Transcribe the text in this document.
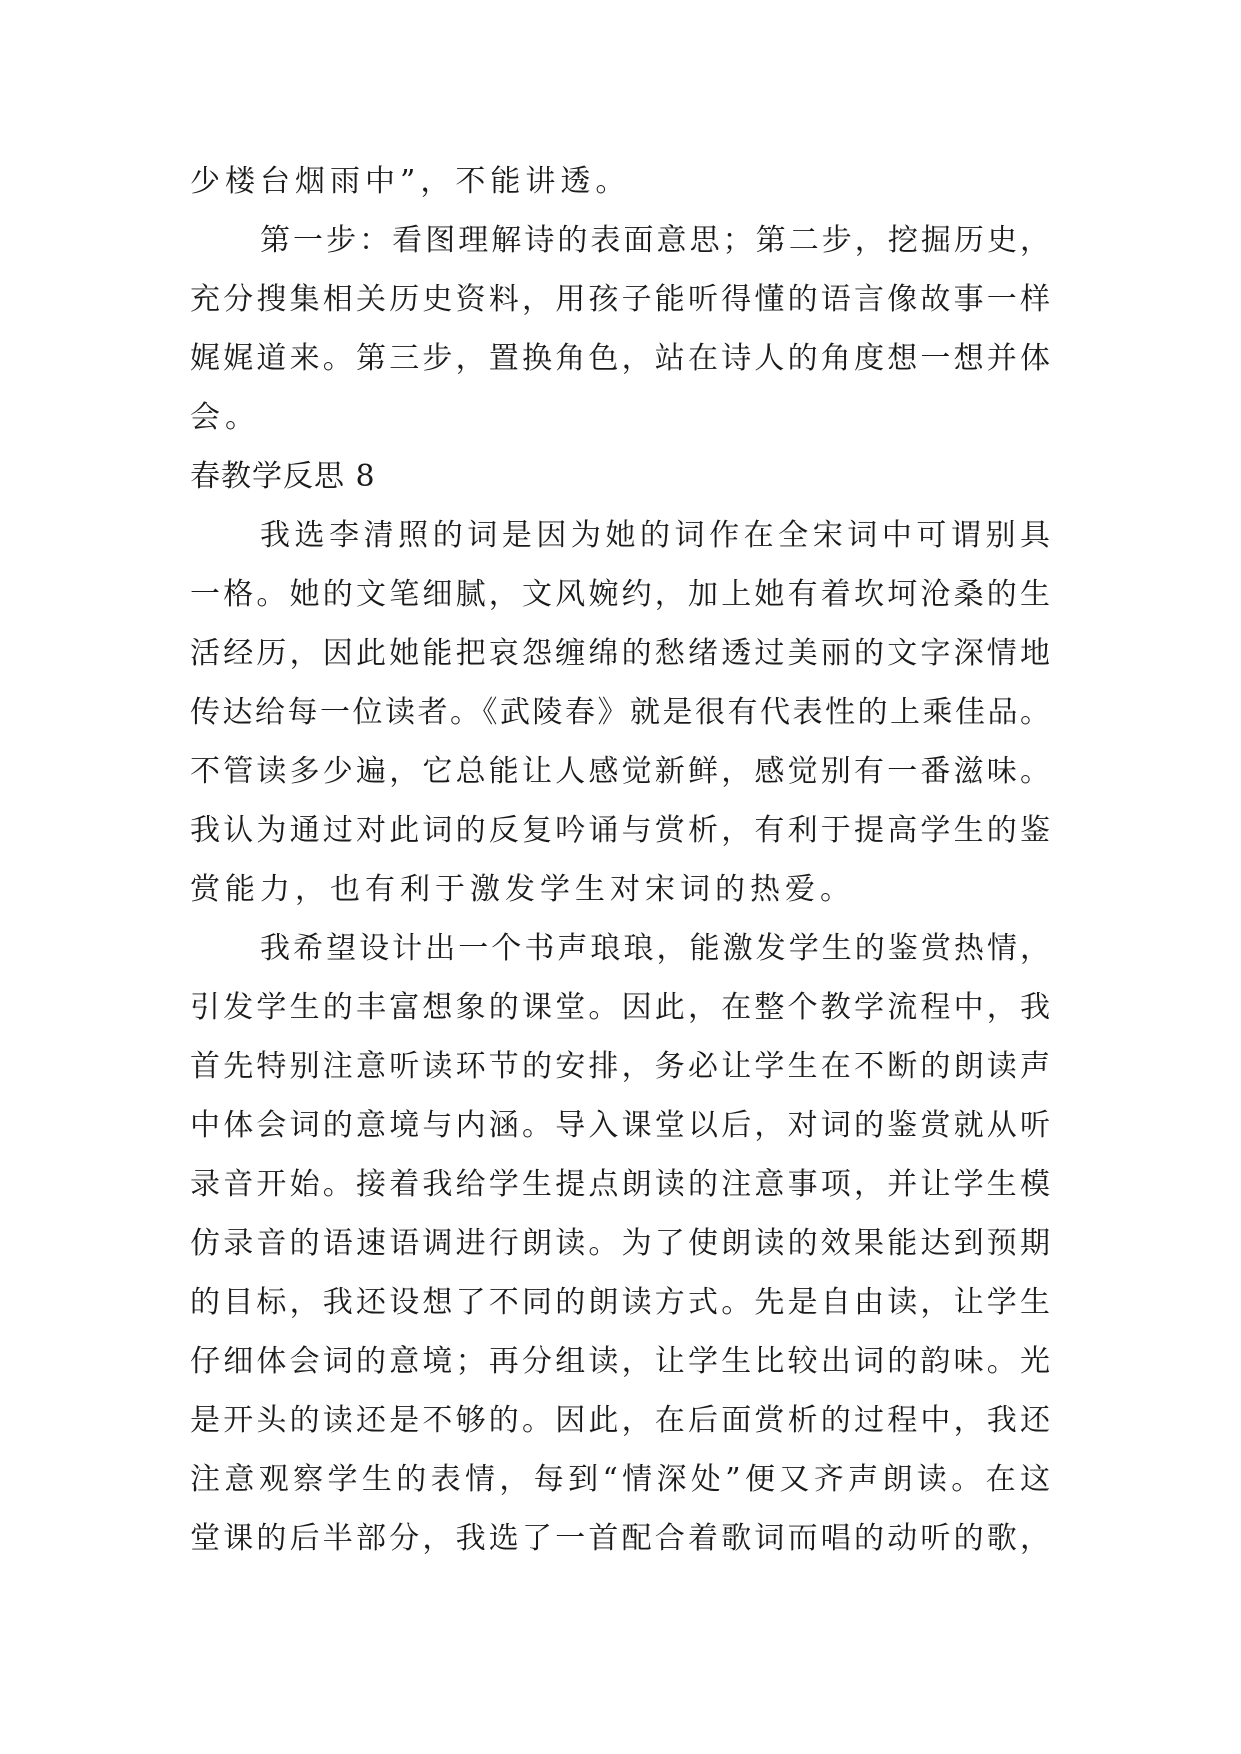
少楼台烟雨中”，不能讲透。
第一步：看图理解诗的表面意思；第二步，挖掘历史，
充分搜集相关历史资料，用孩子能听得懂的语言像故事一样
娓娓道来。第三步，置换角色，站在诗人的角度想一想并体
会。
春教学反思 8
我选李清照的词是因为她的词作在全宋词中可谓别具
一格。她的文笔细腻，文风婉约，加上她有着坎坷沧桑的生
活经历，因此她能把哀怨缠绵的愁绪透过美丽的文字深情地
传达给每一位读者。《武陵春》就是很有代表性的上乘佳品。
不管读多少遍，它总能让人感觉新鲜，感觉别有一番滋味。
我认为通过对此词的反复吟诵与赏析，有利于提高学生的鉴
赏能力，也有利于激发学生对宋词的热爱。
我希望设计出一个书声琅琅，能激发学生的鉴赏热情，
引发学生的丰富想象的课堂。因此，在整个教学流程中，我
首先特别注意听读环节的安排，务必让学生在不断的朗读声
中体会词的意境与内涵。导入课堂以后，对词的鉴赏就从听
录音开始。接着我给学生提点朗读的注意事项，并让学生模
仿录音的语速语调进行朗读。为了使朗读的效果能达到预期
的目标，我还设想了不同的朗读方式。先是自由读，让学生
仔细体会词的意境；再分组读，让学生比较出词的韵味。光
是开头的读还是不够的。因此，在后面赏析的过程中，我还
注意观察学生的表情，每到“情深处”便又齐声朗读。在这
堂课的后半部分，我选了一首配合着歌词而唱的动听的歌，
